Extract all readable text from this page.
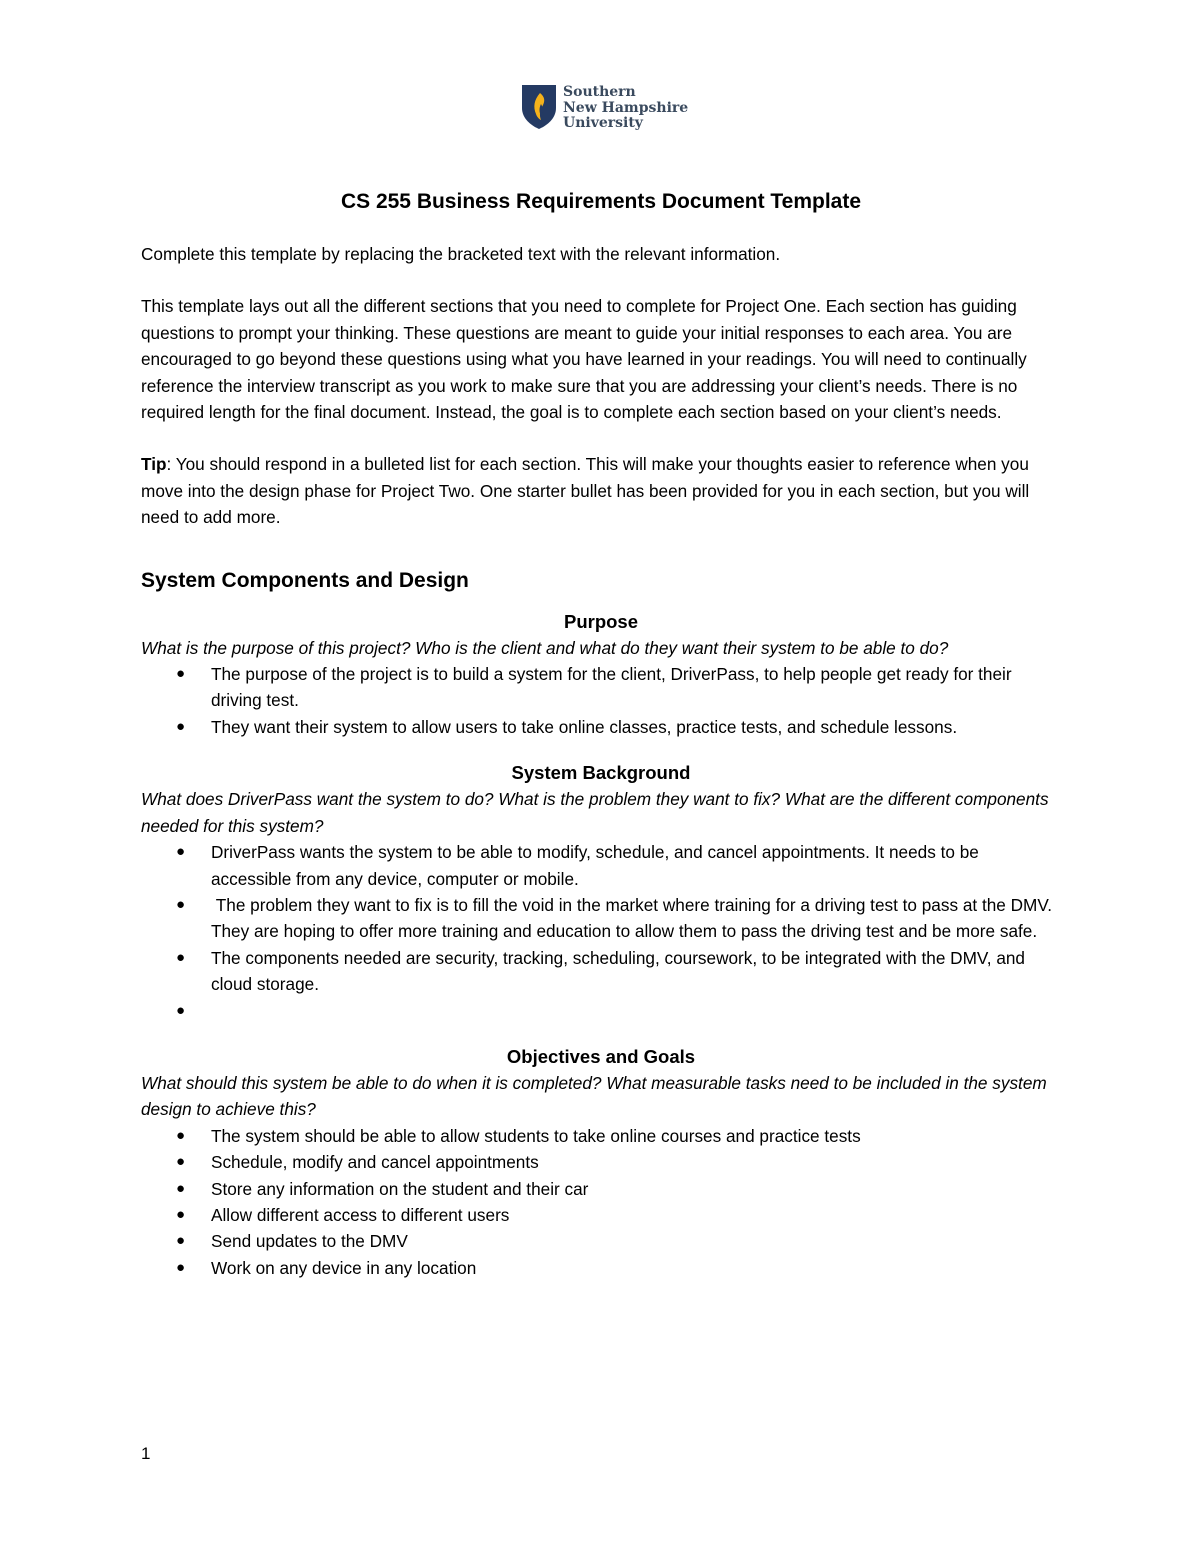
Southern
New Hampshire
University
CS 255 Business Requirements Document Template

Complete this template by replacing the bracketed text with the relevant information.

This template lays out all the different sections that you need to complete for Project One. Each section has guiding questions to prompt your thinking. These questions are meant to guide your initial responses to each area. You are encouraged to go beyond these questions using what you have learned in your readings. You will need to continually reference the interview transcript as you work to make sure that you are addressing your client’s needs. There is no required length for the final document. Instead, the goal is to complete each section based on your client’s needs.

Tip: You should respond in a bulleted list for each section. This will make your thoughts easier to reference when you move into the design phase for Project Two. One starter bullet has been provided for you in each section, but you will need to add more.

System Components and Design
Purpose

What is the purpose of this project? Who is the client and what do they want their system to be able to do?

● The purpose of the project is to build a system for the client, DriverPass, to help people get ready for their driving test.
● They want their system to allow users to take online classes, practice tests, and schedule lessons.
System Background

What does DriverPass want the system to do? What is the problem they want to fix? What are the different components needed for this system?

● DriverPass wants the system to be able to modify, schedule, and cancel appointments. It needs to be accessible from any device, computer or mobile.
● The problem they want to fix is to fill the void in the market where training for a driving test to pass at the DMV. They are hoping to offer more training and education to allow them to pass the driving test and be more safe.
● The components needed are security, tracking, scheduling, coursework, to be integrated with the DMV, and cloud storage.
●
Objectives and Goals

What should this system be able to do when it is completed? What measurable tasks need to be included in the system design to achieve this?

● The system should be able to allow students to take online courses and practice tests
● Schedule, modify and cancel appointments
● Store any information on the student and their car
● Allow different access to different users
● Send updates to the DMV
● Work on any device in any location
1
